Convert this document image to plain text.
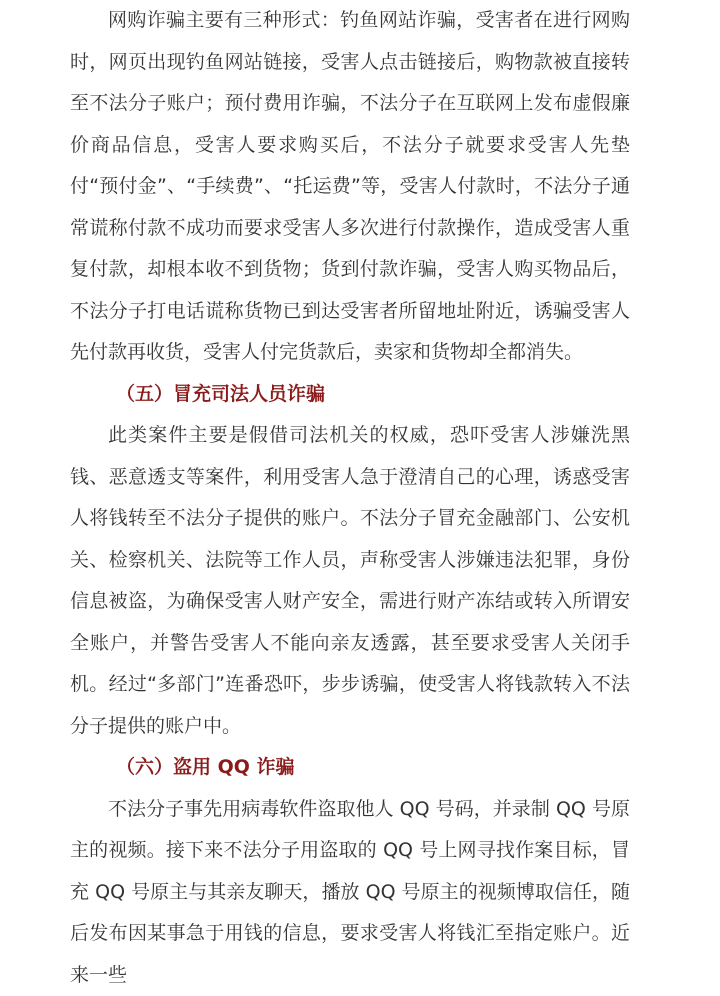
网购诈骗主要有三种形式：钓鱼网站诈骗，受害者在进行网购时，网页出现钓鱼网站链接，受害人点击链接后，购物款被直接转至不法分子账户；预付费用诈骗，不法分子在互联网上发布虚假廉价商品信息，受害人要求购买后，不法分子就要求受害人先垫付“预付金”、“手续费”、“托运费”等，受害人付款时，不法分子通常谎称付款不成功而要求受害人多次进行付款操作，造成受害人重复付款，却根本收不到货物；货到付款诈骗，受害人购买物品后，不法分子打电话谎称货物已到达受害者所留地址附近，诱骗受害人先付款再收货，受害人付完货款后，卖家和货物却全都消失。

（五）冒充司法人员诈骗

此类案件主要是假借司法机关的权威，恐吓受害人涉嫌洗黑钱、恶意透支等案件，利用受害人急于澄清自己的心理，诱惑受害人将钱转至不法分子提供的账户。不法分子冒充金融部门、公安机关、检察机关、法院等工作人员，声称受害人涉嫌违法犯罪，身份信息被盗，为确保受害人财产安全，需进行财产冻结或转入所谓安全账户，并警告受害人不能向亲友透露，甚至要求受害人关闭手机。经过“多部门”连番恐吓，步步诱骗，使受害人将钱款转入不法分子提供的账户中。

（六）盗用 QQ 诈骗

不法分子事先用病毒软件盗取他人 QQ 号码，并录制 QQ 号原主的视频。接下来不法分子用盗取的 QQ 号上网寻找作案目标，冒充 QQ 号原主与其亲友聊天，播放 QQ 号原主的视频博取信任，随后发布因某事急于用钱的信息，要求受害人将钱汇至指定账户。近来一些
